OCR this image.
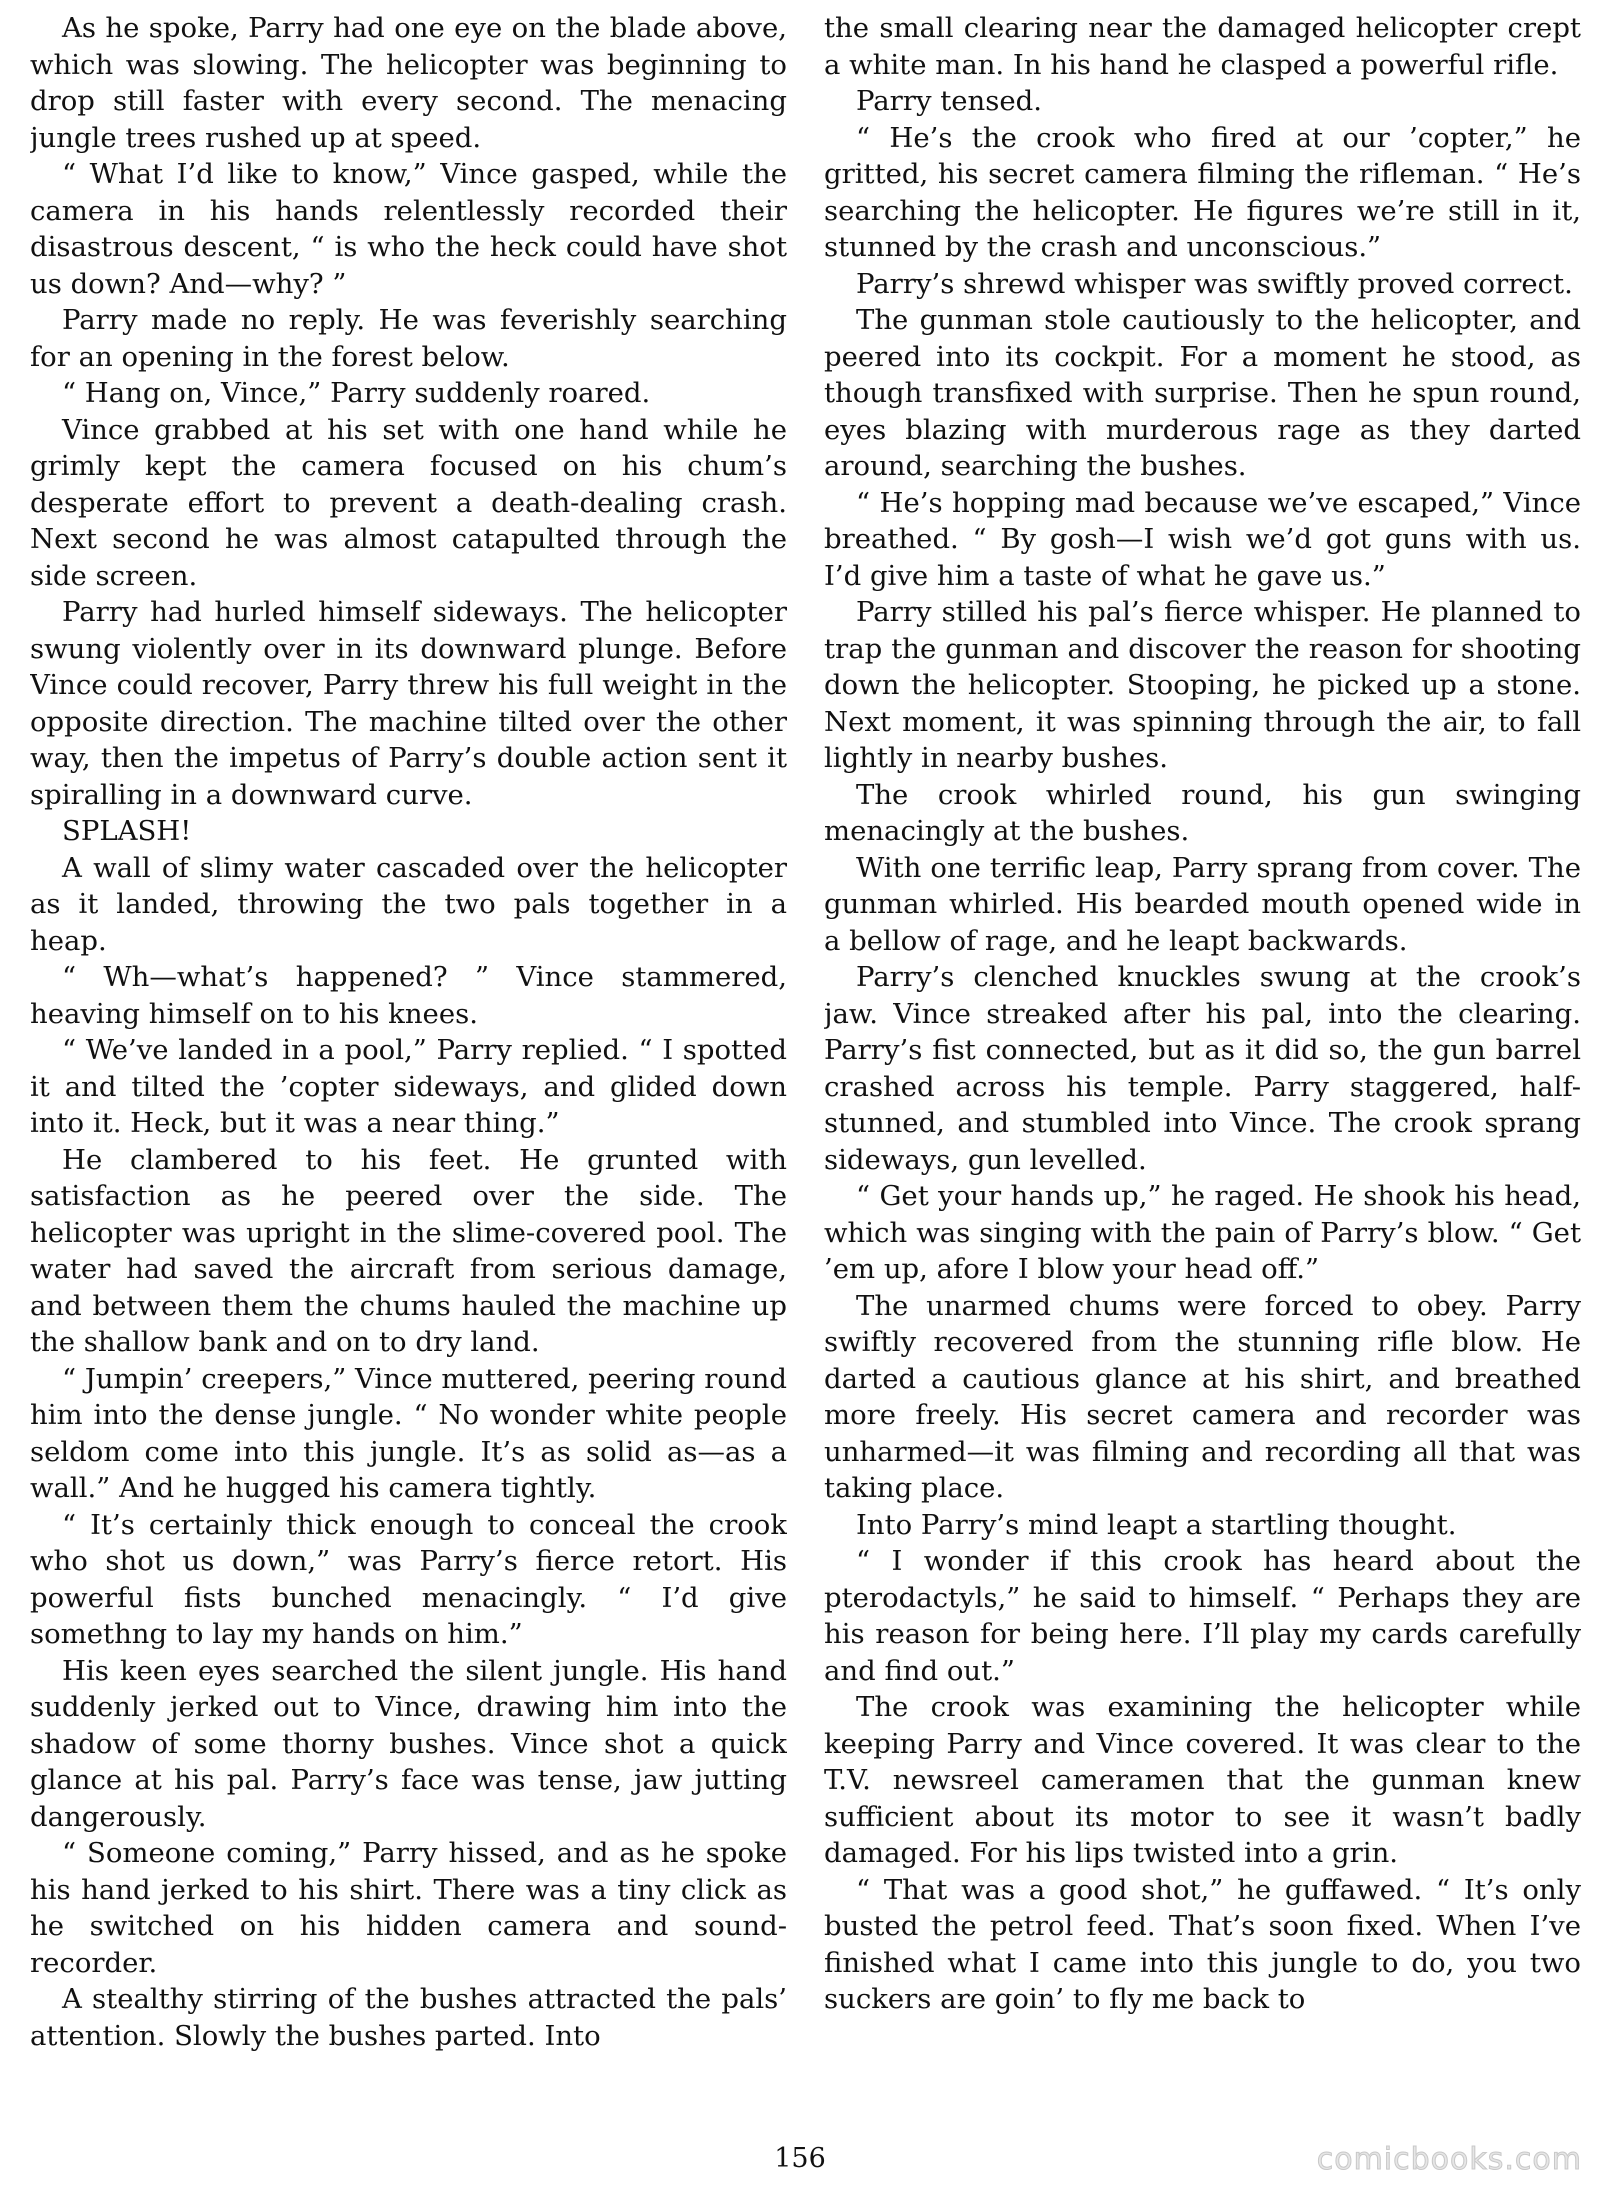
As he spoke, Parry had one eye on the blade above, which was slowing. The helicopter was beginning to drop still faster with every second. The menacing jungle trees rushed up at speed.

“ What I’d like to know,” Vince gasped, while the camera in his hands relentlessly recorded their disastrous descent, “ is who the heck could have shot us down? And—why? ”

Parry made no reply. He was feverishly searching for an opening in the forest below.

“ Hang on, Vince,” Parry suddenly roared.

Vince grabbed at his set with one hand while he grimly kept the camera focused on his chum’s desperate effort to prevent a death-dealing crash. Next second he was almost catapulted through the side screen.

Parry had hurled himself sideways. The helicopter swung violently over in its downward plunge. Before Vince could recover, Parry threw his full weight in the opposite direction. The machine tilted over the other way, then the impetus of Parry’s double action sent it spiralling in a downward curve.

SPLASH!

A wall of slimy water cascaded over the helicopter as it landed, throwing the two pals together in a heap.

“ Wh—what’s happened? ” Vince stammered, heaving himself on to his knees.

“ We’ve landed in a pool,” Parry replied. “ I spotted it and tilted the ’copter sideways, and glided down into it. Heck, but it was a near thing.”

He clambered to his feet. He grunted with satisfaction as he peered over the side. The helicopter was upright in the slime-covered pool. The water had saved the aircraft from serious damage, and between them the chums hauled the machine up the shallow bank and on to dry land.

“ Jumpin’ creepers,” Vince muttered, peering round him into the dense jungle. “ No wonder white people seldom come into this jungle. It’s as solid as—as a wall.” And he hugged his camera tightly.

“ It’s certainly thick enough to conceal the crook who shot us down,” was Parry’s fierce retort. His powerful fists bunched menacingly. “ I’d give somethng to lay my hands on him.”

His keen eyes searched the silent jungle. His hand suddenly jerked out to Vince, drawing him into the shadow of some thorny bushes. Vince shot a quick glance at his pal. Parry’s face was tense, jaw jutting dangerously.

“ Someone coming,” Parry hissed, and as he spoke his hand jerked to his shirt. There was a tiny click as he switched on his hidden camera and sound-recorder.

A stealthy stirring of the bushes attracted the pals’ attention. Slowly the bushes parted. Into

the small clearing near the damaged helicopter crept a white man. In his hand he clasped a powerful rifle.

Parry tensed.

“ He’s the crook who fired at our ’copter,” he gritted, his secret camera filming the rifleman. “ He’s searching the helicopter. He figures we’re still in it, stunned by the crash and unconscious.”

Parry’s shrewd whisper was swiftly proved correct.

The gunman stole cautiously to the helicopter, and peered into its cockpit. For a moment he stood, as though transfixed with surprise. Then he spun round, eyes blazing with murderous rage as they darted around, searching the bushes.

“ He’s hopping mad because we’ve escaped,” Vince breathed. “ By gosh—I wish we’d got guns with us. I’d give him a taste of what he gave us.”

Parry stilled his pal’s fierce whisper. He planned to trap the gunman and discover the reason for shooting down the helicopter. Stooping, he picked up a stone. Next moment, it was spinning through the air, to fall lightly in nearby bushes.

The crook whirled round, his gun swinging menacingly at the bushes.

With one terrific leap, Parry sprang from cover. The gunman whirled. His bearded mouth opened wide in a bellow of rage, and he leapt backwards.

Parry’s clenched knuckles swung at the crook’s jaw. Vince streaked after his pal, into the clearing. Parry’s fist connected, but as it did so, the gun barrel crashed across his temple. Parry staggered, half-stunned, and stumbled into Vince. The crook sprang sideways, gun levelled.

“ Get your hands up,” he raged. He shook his head, which was singing with the pain of Parry’s blow. “ Get ’em up, afore I blow your head off.”

The unarmed chums were forced to obey. Parry swiftly recovered from the stunning rifle blow. He darted a cautious glance at his shirt, and breathed more freely. His secret camera and recorder was unharmed—it was filming and recording all that was taking place.

Into Parry’s mind leapt a startling thought.

“ I wonder if this crook has heard about the pterodactyls,” he said to himself. “ Perhaps they are his reason for being here. I’ll play my cards carefully and find out.”

The crook was examining the helicopter while keeping Parry and Vince covered. It was clear to the T.V. newsreel cameramen that the gunman knew sufficient about its motor to see it wasn’t badly damaged. For his lips twisted into a grin.

“ That was a good shot,” he guffawed. “ It’s only busted the petrol feed. That’s soon fixed. When I’ve finished what I came into this jungle to do, you two suckers are goin’ to fly me back to

156	comicbooks.com
